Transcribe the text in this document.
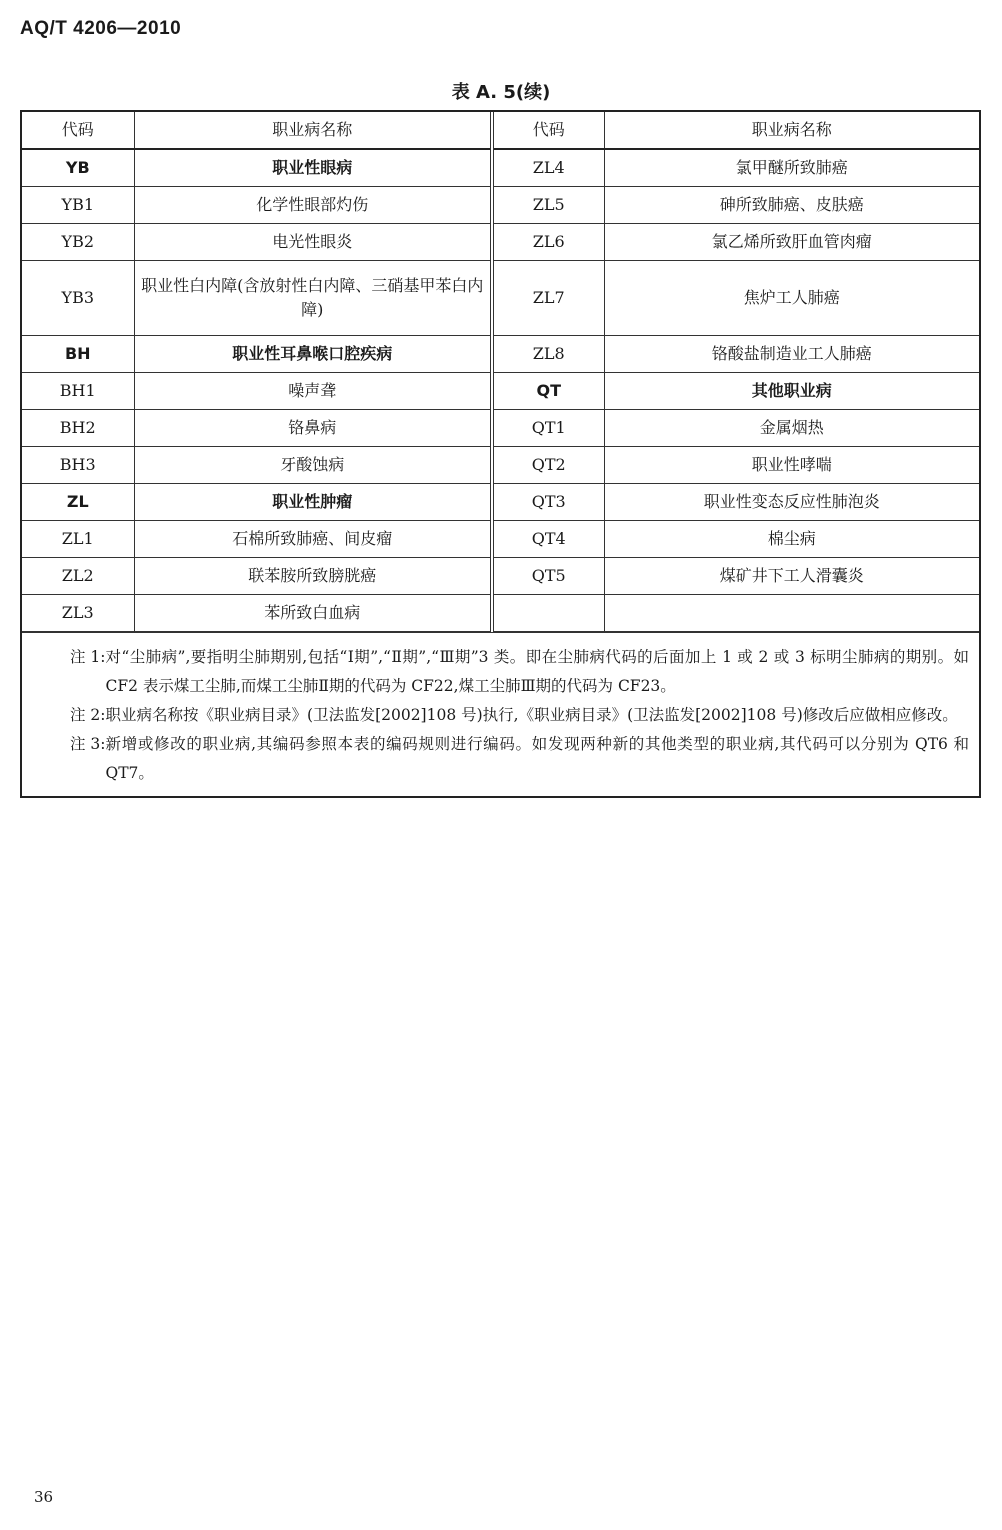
AQ/T 4206—2010
表 A. 5(续)
代码	职业病名称	代码	职业病名称
YB	职业性眼病	ZL4	氯甲醚所致肺癌
YB1	化学性眼部灼伤	ZL5	砷所致肺癌、皮肤癌
YB2	电光性眼炎	ZL6	氯乙烯所致肝血管肉瘤
YB3	职业性白内障(含放射性白内障、三硝基甲苯白内障)	ZL7	焦炉工人肺癌
BH	职业性耳鼻喉口腔疾病	ZL8	铬酸盐制造业工人肺癌
BH1	噪声聋	QT	其他职业病
BH2	铬鼻病	QT1	金属烟热
BH3	牙酸蚀病	QT2	职业性哮喘
ZL	职业性肿瘤	QT3	职业性变态反应性肺泡炎
ZL1	石棉所致肺癌、间皮瘤	QT4	棉尘病
ZL2	联苯胺所致膀胱癌	QT5	煤矿井下工人滑囊炎
ZL3	苯所致白血病		
注 1: 对“尘肺病”,要指明尘肺期别,包括“Ⅰ期”,“Ⅱ期”,“Ⅲ期”3 类。即在尘肺病代码的后面加上 1 或 2 或 3 标明尘肺病的期别。如 CF2 表示煤工尘肺,而煤工尘肺Ⅱ期的代码为 CF22,煤工尘肺Ⅲ期的代码为 CF23。
注 2: 职业病名称按《职业病目录》(卫法监发[2002]108 号)执行,《职业病目录》(卫法监发[2002]108 号)修改后应做相应修改。
注 3: 新增或修改的职业病,其编码参照本表的编码规则进行编码。如发现两种新的其他类型的职业病,其代码可以分别为 QT6 和 QT7。
36
